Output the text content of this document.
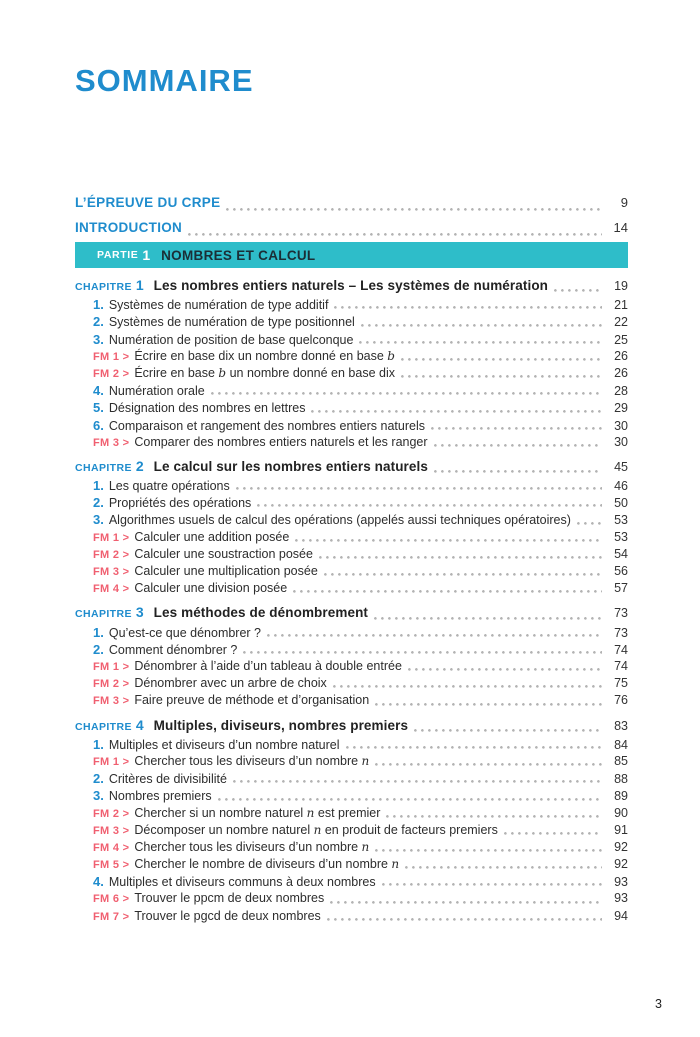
SOMMAIRE
L’ÉPREUVE DU CRPE	9
INTRODUCTION	14
PARTIE 1 NOMBRES ET CALCUL
CHAPITRE 1 Les nombres entiers naturels – Les systèmes de numération	19
1. Systèmes de numération de type additif	21
2. Systèmes de numération de type positionnel	22
3. Numération de position de base quelconque	25
FM 1 > Écrire en base dix un nombre donné en base b	26
FM 2 > Écrire en base b un nombre donné en base dix	26
4. Numération orale	28
5. Désignation des nombres en lettres	29
6. Comparaison et rangement des nombres entiers naturels	30
FM 3 > Comparer des nombres entiers naturels et les ranger	30
CHAPITRE 2 Le calcul sur les nombres entiers naturels	45
1. Les quatre opérations	46
2. Propriétés des opérations	50
3. Algorithmes usuels de calcul des opérations (appelés aussi techniques opératoires)	53
FM 1 > Calculer une addition posée	53
FM 2 > Calculer une soustraction posée	54
FM 3 > Calculer une multiplication posée	56
FM 4 > Calculer une division posée	57
CHAPITRE 3 Les méthodes de dénombrement	73
1. Qu’est-ce que dénombrer ?	73
2. Comment dénombrer ?	74
FM 1 > Dénombrer à l’aide d’un tableau à double entrée	74
FM 2 > Dénombrer avec un arbre de choix	75
FM 3 > Faire preuve de méthode et d’organisation	76
CHAPITRE 4 Multiples, diviseurs, nombres premiers	83
1. Multiples et diviseurs d’un nombre naturel	84
FM 1 > Chercher tous les diviseurs d’un nombre n	85
2. Critères de divisibilité	88
3. Nombres premiers	89
FM 2 > Chercher si un nombre naturel n est premier	90
FM 3 > Décomposer un nombre naturel n en produit de facteurs premiers	91
FM 4 > Chercher tous les diviseurs d’un nombre n	92
FM 5 > Chercher le nombre de diviseurs d’un nombre n	92
4. Multiples et diviseurs communs à deux nombres	93
FM 6 > Trouver le ppcm de deux nombres	93
FM 7 > Trouver le pgcd de deux nombres	94
3
